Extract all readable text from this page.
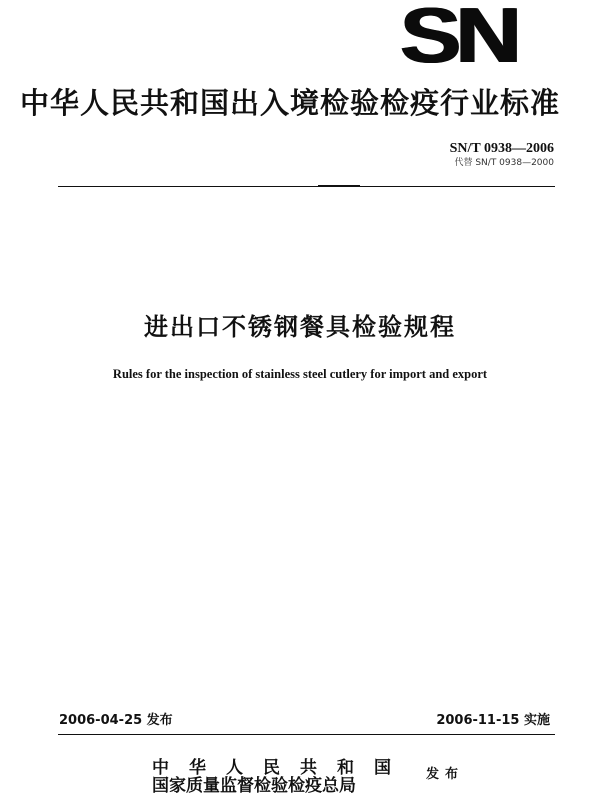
SN
中华人民共和国出入境检验检疫行业标准
SN/T 0938—2006
代替 SN/T 0938—2000
进出口不锈钢餐具检验规程
Rules for the inspection of stainless steel cutlery for import and export
2006-04-25 发布	2006-11-15 实施
中华人民共和国
国家质量监督检验检疫总局
发布
